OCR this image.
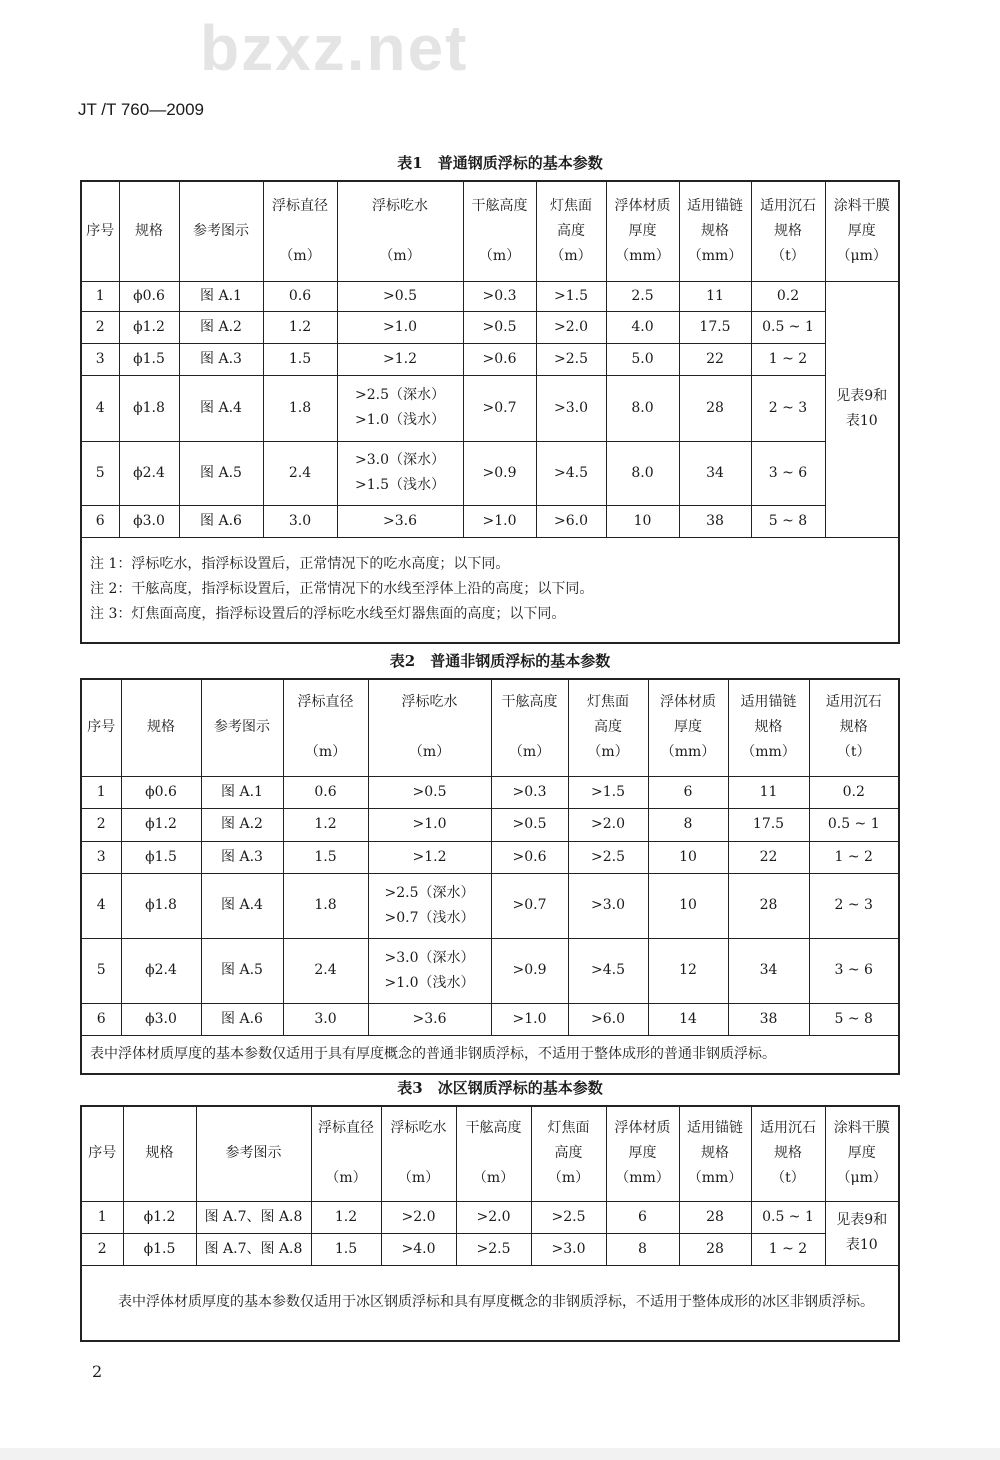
JT /T 760—2009
bzxz.net
表1　普通钢质浮标的基本参数
序号	规格	参考图示	浮标直径

（m）	浮标吃水

（m）	干舷高度

（m）	灯焦面
高度
（m）	浮体材质
厚度
（mm）	适用锚链
规格
（mm）	适用沉石
规格
（t）	涂料干膜
厚度
（μm）
1	ϕ0.6	图 A.1	0.6	>0.5	>0.3	>1.5	2.5	11	0.2	见表9和
表10
2	ϕ1.2	图 A.2	1.2	>1.0	>0.5	>2.0	4.0	17.5	0.5 ~ 1	
3	ϕ1.5	图 A.3	1.5	>1.2	>0.6	>2.5	5.0	22	1 ~ 2	
4	ϕ1.8	图 A.4	1.8	>2.5（深水）
>1.0（浅水）	>0.7	>3.0	8.0	28	2 ~ 3	
5	ϕ2.4	图 A.5	2.4	>3.0（深水）
>1.5（浅水）	>0.9	>4.5	8.0	34	3 ~ 6	
6	ϕ3.0	图 A.6	3.0	>3.6	>1.0	>6.0	10	38	5 ~ 8	

注 1：浮标吃水，指浮标设置后，正常情况下的吃水高度；以下同。
注 2：干舷高度，指浮标设置后，正常情况下的水线至浮体上沿的高度；以下同。
注 3：灯焦面高度，指浮标设置后的浮标吃水线至灯器焦面的高度；以下同。										
表2　普通非钢质浮标的基本参数
序号	规格	参考图示	浮标直径

（m）	浮标吃水

（m）	干舷高度

（m）	灯焦面
高度
（m）	浮体材质
厚度
（mm）	适用锚链
规格
（mm）	适用沉石
规格
（t）
1	ϕ0.6	图 A.1	0.6	>0.5	>0.3	>1.5	6	11	0.2
2	ϕ1.2	图 A.2	1.2	>1.0	>0.5	>2.0	8	17.5	0.5 ~ 1
3	ϕ1.5	图 A.3	1.5	>1.2	>0.6	>2.5	10	22	1 ~ 2
4	ϕ1.8	图 A.4	1.8	>2.5（深水）
>0.7（浅水）	>0.7	>3.0	10	28	2 ~ 3
5	ϕ2.4	图 A.5	2.4	>3.0（深水）
>1.0（浅水）	>0.9	>4.5	12	34	3 ~ 6
6	ϕ3.0	图 A.6	3.0	>3.6	>1.0	>6.0	14	38	5 ~ 8

表中浮体材质厚度的基本参数仅适用于具有厚度概念的普通非钢质浮标，不适用于整体成形的普通非钢质浮标。									
表3　冰区钢质浮标的基本参数
序号	规格	参考图示	浮标直径

（m）	浮标吃水

（m）	干舷高度

（m）	灯焦面
高度
（m）	浮体材质
厚度
（mm）	适用锚链
规格
（mm）	适用沉石
规格
（t）	涂料干膜
厚度
（μm）
1	ϕ1.2	图 A.7、图 A.8	1.2	>2.0	>2.0	>2.5	6	28	0.5 ~ 1	见表9和
表10
2	ϕ1.5	图 A.7、图 A.8	1.5	>4.0	>2.5	>3.0	8	28	1 ~ 2	

　　表中浮体材质厚度的基本参数仅适用于冰区钢质浮标和具有厚度概念的非钢质浮标，不适用于整体成形的冰区非钢质浮标。										
2
